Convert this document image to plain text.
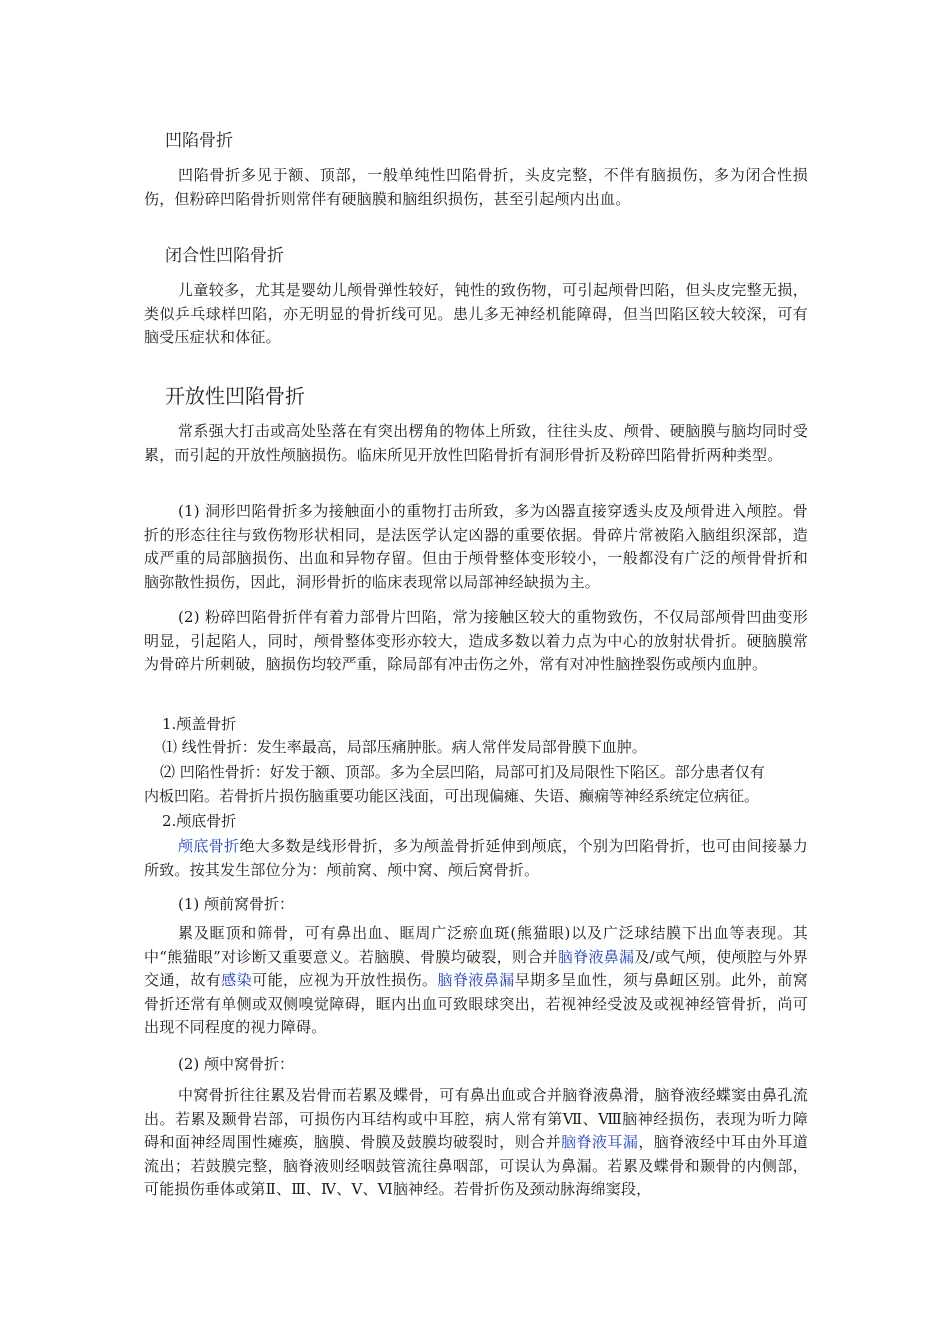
凹陷骨折
凹陷骨折多见于额、顶部，一般单纯性凹陷骨折，头皮完整，不伴有脑损伤，多为闭合性损伤，但粉碎凹陷骨折则常伴有硬脑膜和脑组织损伤，甚至引起颅内出血。
闭合性凹陷骨折
儿童较多，尤其是婴幼儿颅骨弹性较好，钝性的致伤物，可引起颅骨凹陷，但头皮完整无损，类似乒乓球样凹陷，亦无明显的骨折线可见。患儿多无神经机能障碍，但当凹陷区较大较深，可有脑受压症状和体征。
开放性凹陷骨折
常系强大打击或高处坠落在有突出楞角的物体上所致，往往头皮、颅骨、硬脑膜与脑均同时受累，而引起的开放性颅脑损伤。临床所见开放性凹陷骨折有洞形骨折及粉碎凹陷骨折两种类型。
(1) 洞形凹陷骨折多为接触面小的重物打击所致，多为凶器直接穿透头皮及颅骨进入颅腔。骨折的形态往往与致伤物形状相同，是法医学认定凶器的重要依据。骨碎片常被陷入脑组织深部，造成严重的局部脑损伤、出血和异物存留。但由于颅骨整体变形较小，一般都没有广泛的颅骨骨折和脑弥散性损伤，因此，洞形骨折的临床表现常以局部神经缺损为主。
(2) 粉碎凹陷骨折伴有着力部骨片凹陷，常为接触区较大的重物致伤，不仅局部颅骨凹曲变形明显，引起陷人，同时，颅骨整体变形亦较大，造成多数以着力点为中心的放射状骨折。硬脑膜常为骨碎片所刺破，脑损伤均较严重，除局部有冲击伤之外，常有对冲性脑挫裂伤或颅内血肿。
1.颅盖骨折
⑴ 线性骨折：发生率最高，局部压痛肿胀。病人常伴发局部骨膜下血肿。
⑵ 凹陷性骨折：好发于额、顶部。多为全层凹陷，局部可扪及局限性下陷区。部分患者仅有
内板凹陷。若骨折片损伤脑重要功能区浅面，可出现偏瘫、失语、癫痫等神经系统定位病征。
2.颅底骨折
颅底骨折绝大多数是线形骨折，多为颅盖骨折延伸到颅底，个别为凹陷骨折，也可由间接暴力所致。按其发生部位分为：颅前窝、颅中窝、颅后窝骨折。
(1) 颅前窝骨折：
累及眶顶和筛骨，可有鼻出血、眶周广泛瘀血斑(熊猫眼)以及广泛球结膜下出血等表现。其中“熊猫眼”对诊断又重要意义。若脑膜、骨膜均破裂，则合并脑脊液鼻漏及/或气颅，使颅腔与外界交通，故有感染可能，应视为开放性损伤。脑脊液鼻漏早期多呈血性，须与鼻衄区别。此外，前窝骨折还常有单侧或双侧嗅觉障碍，眶内出血可致眼球突出，若视神经受波及或视神经管骨折，尚可出现不同程度的视力障碍。
(2) 颅中窝骨折：
中窝骨折往往累及岩骨而若累及蝶骨，可有鼻出血或合并脑脊液鼻滑，脑脊液经蝶窦由鼻孔流出。若累及颞骨岩部，可损伤内耳结构或中耳腔，病人常有第Ⅶ、Ⅷ脑神经损伤，表现为听力障碍和面神经周围性瘫痪，脑膜、骨膜及鼓膜均破裂时，则合并脑脊液耳漏，脑脊液经中耳由外耳道流出；若鼓膜完整，脑脊液则经咽鼓管流往鼻咽部，可误认为鼻漏。若累及蝶骨和颞骨的内侧部，可能损伤垂体或第Ⅱ、Ⅲ、Ⅳ、Ⅴ、Ⅵ脑神经。若骨折伤及颈动脉海绵窦段，
